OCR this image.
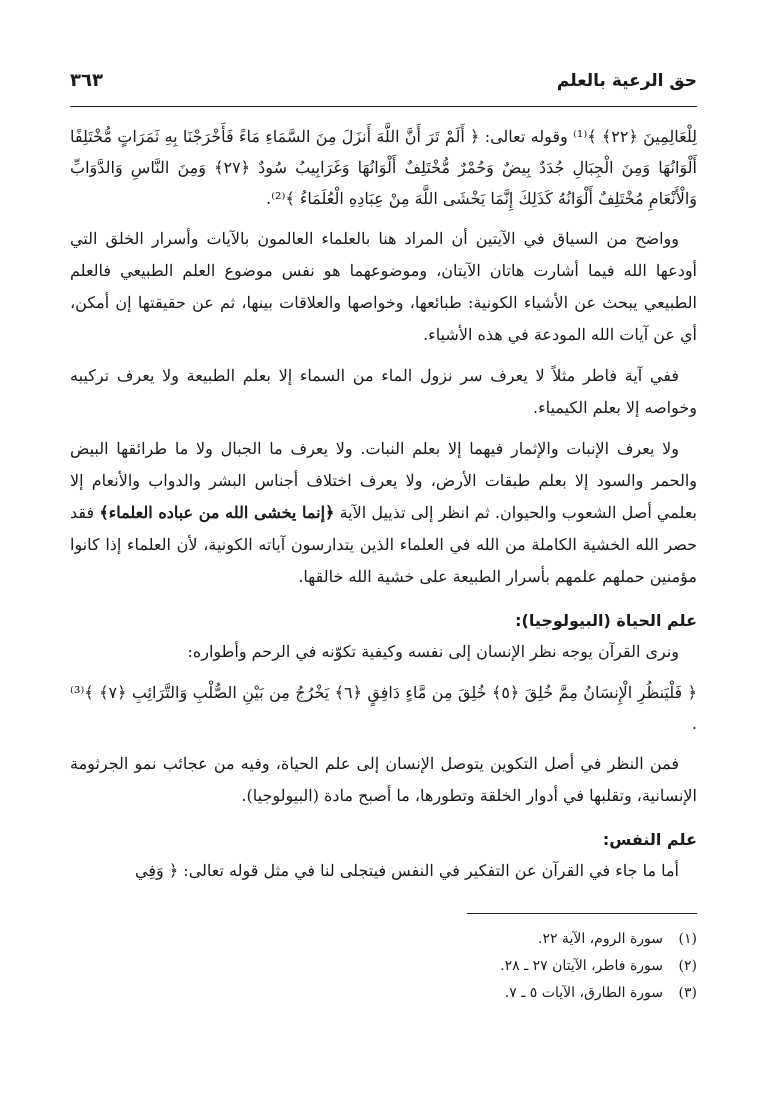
حق الرعية بالعلم
٣٦٣

لِلْعَالِمِينَ ﴿٢٢﴾ ﴾⁽¹⁾ وقوله تعالى: ﴿ أَلَمْ تَرَ أَنَّ اللَّهَ أَنزَلَ مِنَ السَّمَاءِ مَاءً فَأَخْرَجْنَا بِهِ ثَمَرَاتٍ مُّخْتَلِفًا أَلْوَانُهَا وَمِنَ الْجِبَالِ جُدَدٌ بِيضٌ وَحُمْرٌ مُّخْتَلِفٌ أَلْوَانُهَا وَغَرَابِيبُ سُودٌ ﴿٢٧﴾ وَمِنَ النَّاسِ وَالدَّوَابِّ وَالْأَنْعَامِ مُخْتَلِفٌ أَلْوَانُهُ كَذَلِكَ إِنَّمَا يَخْشَى اللَّهَ مِنْ عِبَادِهِ الْعُلَمَاءُ ﴾⁽²⁾.

وواضح من السياق في الآيتين أن المراد هنا بالعلماء العالمون بالآيات وأسرار الخلق التي أودعها الله فيما أشارت هاتان الآيتان، وموضوعهما هو نفس موضوع العلم الطبيعي فالعلم الطبيعي يبحث عن الأشياء الكونية: طبائعها، وخواصها والعلاقات بينها، ثم عن حقيقتها إن أمكن، أي عن آيات الله المودعة في هذه الأشياء.

ففي آية فاطر مثلاً لا يعرف سر نزول الماء من السماء إلا بعلم الطبيعة ولا يعرف تركيبه وخواصه إلا بعلم الكيمياء.

ولا يعرف الإنبات والإثمار فيهما إلا بعلم النبات. ولا يعرف ما الجبال ولا ما طرائقها البيض والحمر والسود إلا بعلم طبقات الأرض، ولا يعرف اختلاف أجناس البشر والدواب والأنعام إلا بعلمي أصل الشعوب والحيوان. ثم انظر إلى تذييل الآية ﴿إنما يخشى الله من عباده العلماء﴾ فقد حصر الله الخشية الكاملة من الله في العلماء الذين يتدارسون آياته الكونية، لأن العلماء إذا كانوا مؤمنين حملهم علمهم بأسرار الطبيعة على خشية الله خالقها.

علم الحياة (البيولوجيا):

ونرى القرآن يوجه نظر الإنسان إلى نفسه وكيفية تكوّنه في الرحم وأطواره:

﴿ فَلْيَنظُرِ الْإِنسَانُ مِمَّ خُلِقَ ﴿٥﴾ خُلِقَ مِن مَّاءٍ دَافِقٍ ﴿٦﴾ يَخْرُجُ مِن بَيْنِ الصُّلْبِ وَالتَّرَائِبِ ﴿٧﴾ ﴾⁽³⁾ .

فمن النظر في أصل التكوين يتوصل الإنسان إلى علم الحياة، وفيه من عجائب نمو الجرثومة الإنسانية، وتقلبها في أدوار الخلقة وتطورها، ما أصبح مادة (البيولوجيا).

علم النفس:

أما ما جاء في القرآن عن التفكير في النفس فيتجلى لنا في مثل قوله تعالى: ﴿ وَفِي

(١)سورة الروم، الآية ٢٢.

(٢)سورة فاطر، الآيتان ٢٧ ـ ٢٨.

(٣)سورة الطارق، الآيات ٥ ـ ٧.
